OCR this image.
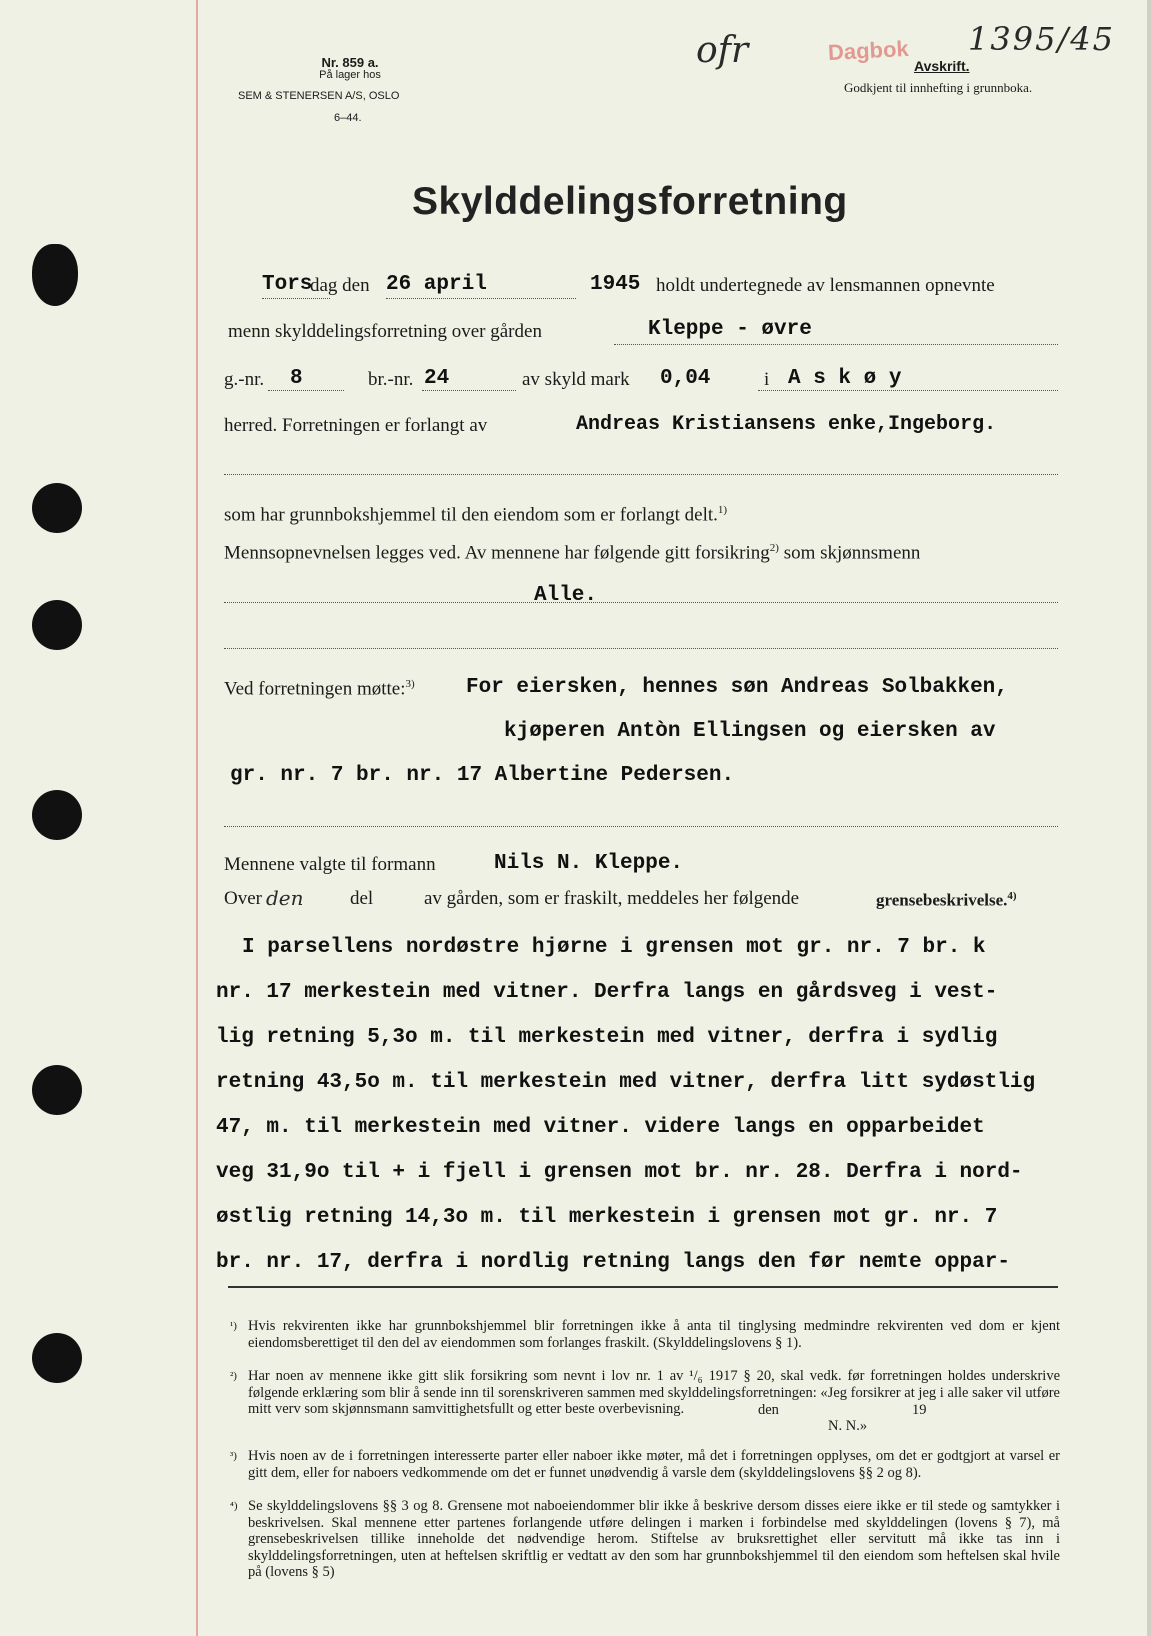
Nr. 859 a.
På lager hos
SEM & STENERSEN A/S, OSLO
6–44.
ofr	Dagbok
Avskrift.
Godkjent til innhefting i grunnboka.
1395/45
Skylddelingsforretning
Tors
dag den 26 april	1945 holdt undertegnede av lensmannen opnevnte
menn skylddelingsforretning over gården	Kleppe - øvre
g.-nr. 8	br.-nr. 24	av skyld mark 0,04	i A s k ø y
herred. Forretningen er forlangt av	Andreas Kristiansens enke,Ingeborg.
som har grunnbokshjemmel til den eiendom som er forlangt delt.$^{1)}$
Mennsopnevnelsen legges ved. Av mennene har følgende gitt forsikring$^{2)}$ som skjønnsmenn
Alle.
Ved forretningen møtte:$^{3)}$ For eiersken, hennes søn Andreas Solbakken,
kjøperen Antòn Ellingsen og eiersken av
gr. nr. 7 br. nr. 17 Albertine Pedersen.
Mennene valgte til formann	Nils N. Kleppe.
Over den del	av gården, som er fraskilt, meddeles her følgende	grensebeskrivelse.$^{4)}$
I parsellens nordøstre hjørne i grensen mot gr. nr. 7 br. k
nr. 17 merkestein med vitner. Derfra langs en gårdsveg i vest-
lig retning 5,3o m. til merkestein med vitner, derfra i sydlig
retning 43,5o m. til merkestein med vitner, derfra litt sydøstlig
47, m. til merkestein med vitner. videre langs en opparbeidet
veg 31,9o til + i fjell i grensen mot br. nr. 28. Derfra i nord-
østlig retning 14,3o m. til merkestein i grensen mot gr. nr. 7
br. nr. 17, derfra i nordlig retning langs den før nemte oppar-
¹) Hvis rekvirenten ikke har grunnbokshjemmel blir forretningen ikke å anta til tinglysing medmindre rekvirenten ved dom er kjent eiendomsberettiget til den del av eiendommen som forlanges fraskilt. (Skylddelingslovens § 1).
²) Har noen av mennene ikke gitt slik forsikring som nevnt i lov nr. 1 av ¹/₆ 1917 § 20, skal vedk. før forretningen holdes underskrive følgende erklæring som blir å sende inn til sorenskriveren sammen med skylddelingsforretningen: «Jeg forsikrer at jeg i alle saker vil utføre mitt verv som skjønnsmann samvittighetsfullt og etter beste overbevisning.	den	19
N. N.»
³) Hvis noen av de i forretningen interesserte parter eller naboer ikke møter, må det i forretningen opplyses, om det er godtgjort at varsel er gitt dem, eller for naboers vedkommende om det er funnet unødvendig å varsle dem (skylddelingslovens §§ 2 og 8).
⁴) Se skylddelingslovens §§ 3 og 8. Grensene mot naboeiendommer blir ikke å beskrive dersom disses eiere ikke er til stede og samtykker i beskrivelsen. Skal mennene etter partenes forlangende utføre delingen i marken i forbindelse med skylddelingen (lovens § 7), må grensebeskrivelsen tillike inneholde det nødvendige herom. Stiftelse av bruksrettighet eller servitutt må ikke tas inn i skylddelingsforretningen, uten at heftelsen skriftlig er vedtatt av den som har grunnbokshjemmel til den eiendom som heftelsen skal hvile på (lovens § 5)
